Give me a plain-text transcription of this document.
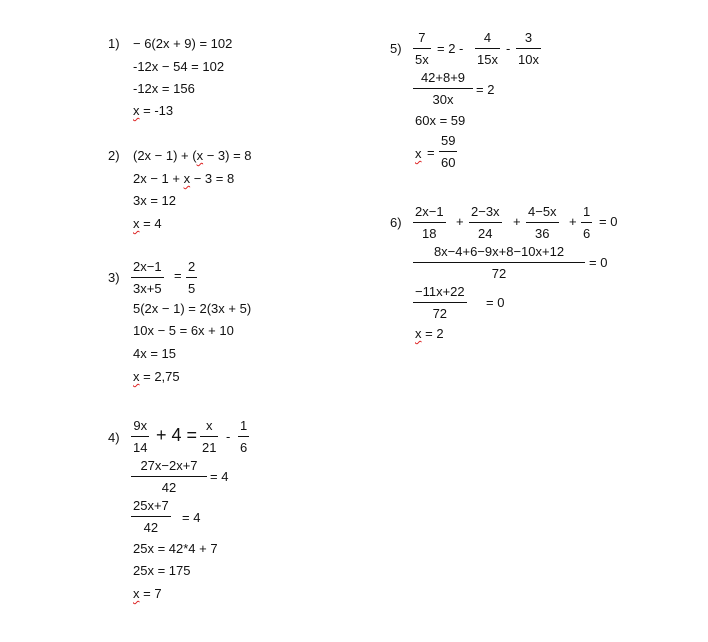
1) − 6(2x + 9) = 102
-12x − 54 = 102
-12x = 156
x = -13
2) (2x − 1) + (x − 3) = 8
2x − 1 + x − 3 = 8
3x = 12
x = 4
$3) \frac{2x-1}{3x+5} = \frac{2}{5}$
5(2x − 1) = 2(3x + 5)
10x − 5 = 6x + 10
4x = 15
x = 2,75
$4) \frac{9x}{14} + 4 = \frac{x}{21} - \frac{1}{6}$
$\frac{27x-2x+7}{42} = 4$
$\frac{25x+7}{42} = 4$
25x = 42*4 + 7
25x = 175
x = 7
$5) \frac{7}{5x} = 2 - \frac{4}{15x} - \frac{3}{10x}$
$\frac{42+8+9}{30x} = 2$
60x = 59
$x = \frac{59}{60}$
$6) \frac{2x-1}{18} + \frac{2-3x}{24} + \frac{4-5x}{36} + \frac{1}{6} = 0$
$\frac{8x-4+6-9x+8-10x+12}{72} = 0$
$\frac{-11x+22}{72} = 0$
x = 2
